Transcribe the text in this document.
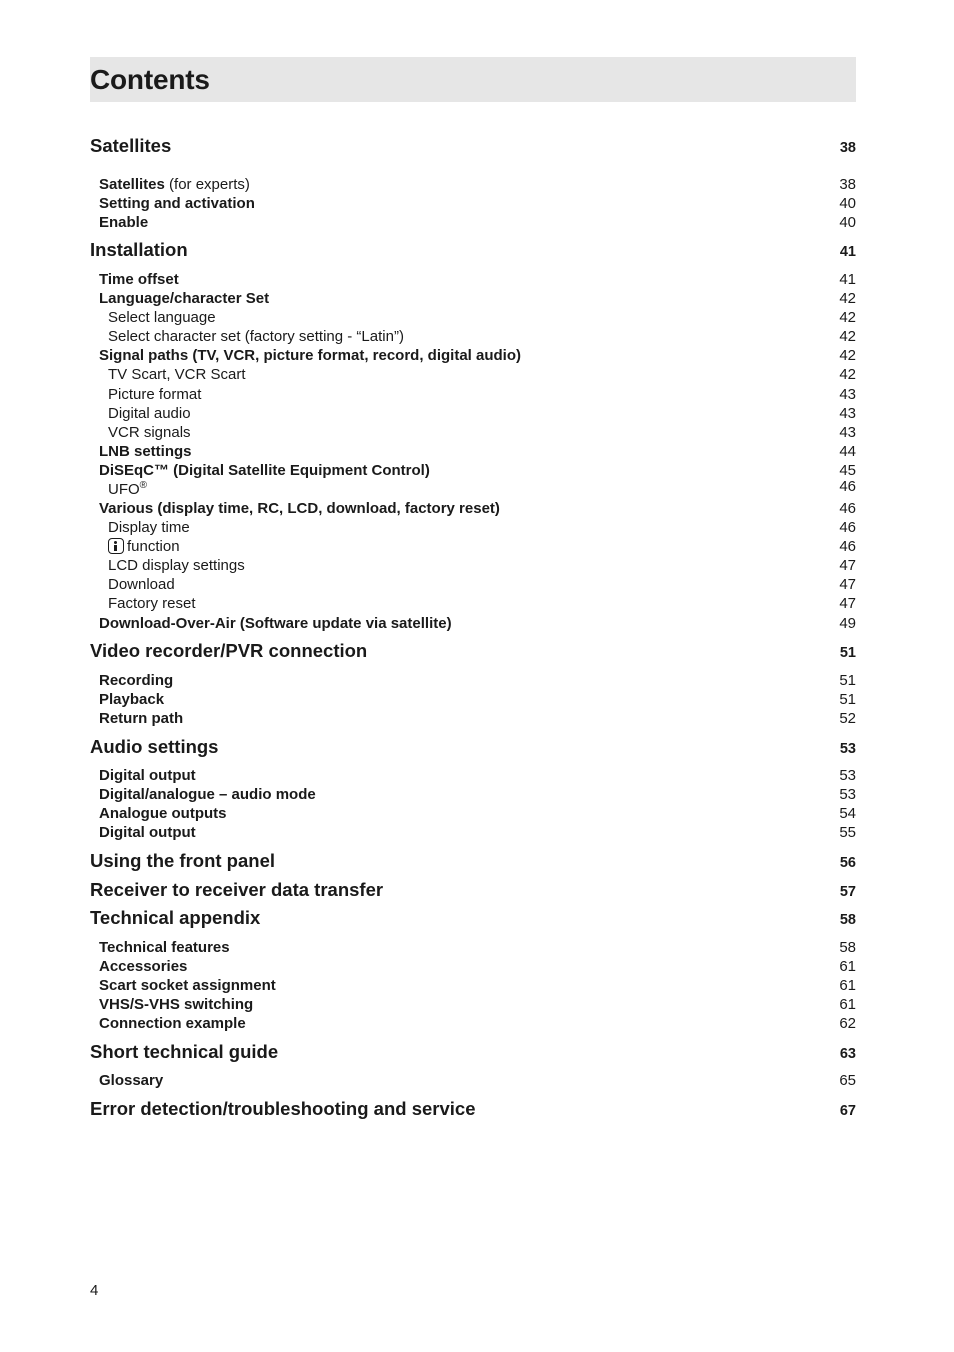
Contents
Satellites	38
Satellites (for experts)	38
Setting and activation	40
Enable	40
Installation	41
Time offset	41
Language/character Set	42
Select language	42
Select character set (factory setting - “Latin”)	42
Signal paths (TV, VCR, picture format, record, digital audio)	42
TV Scart, VCR Scart	42
Picture format	43
Digital audio	43
VCR signals	43
LNB settings	44
DiSEqC™ (Digital Satellite Equipment Control)	45
UFO®	46
Various (display time, RC, LCD, download, factory reset)	46
Display time	46
function	46
LCD display settings	47
Download	47
Factory reset	47
Download-Over-Air (Software update via satellite)	49
Video recorder/PVR connection	51
Recording	51
Playback	51
Return path	52
Audio settings	53
Digital output	53
Digital/analogue – audio mode	53
Analogue outputs	54
Digital output	55
Using the front panel	56
Receiver to receiver data transfer	57
Technical appendix	58
Technical features	58
Accessories	61
Scart socket assignment	61
VHS/S-VHS switching	61
Connection example	62
Short technical guide	63
Glossary	65
Error detection/troubleshooting and service	67
4
